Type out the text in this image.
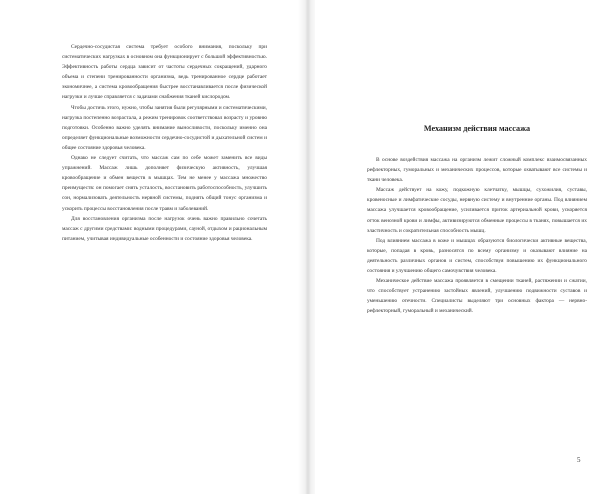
Сердечно-сосудистая система требует особого внимания, поскольку при систематических нагрузках в основном она функционирует с большой эффективностью. Эффективность работы сердца зависит от частоты сердечных сокращений, ударного объема и степени тренированности организма, ведь тренированное сердце работает экономичнее, а система кровообращения быстрее восстанавливается после физической нагрузки и лучше справляется с задачами снабжения тканей кислородом.

Чтобы достичь этого, нужно, чтобы занятия были регулярными и систематическими, нагрузка постепенно возрастала, а режим тренировок соответствовал возрасту и уровню подготовки. Особенно важно уделять внимание выносливости, поскольку именно она определяет функциональные возможности сердечно-сосудистой и дыхательной систем и общее состояние здоровья человека.

Однако не следует считать, что массаж сам по себе может заменить все виды упражнений. Массаж лишь дополняет физическую активность, улучшая кровообращение и обмен веществ в мышцах. Тем не менее у массажа множество преимуществ: он помогает снять усталость, восстановить работоспособность, улучшить сон, нормализовать деятельность нервной системы, поднять общий тонус организма и ускорить процессы восстановления после травм и заболеваний.

Для восстановления организма после нагрузок очень важно правильно сочетать массаж с другими средствами: водными процедурами, сауной, отдыхом и рациональным питанием, учитывая индивидуальные особенности и состояние здоровья человека.

Механизм действия массажа

В основе воздействия массажа на организм лежит сложный комплекс взаимосвязанных рефлекторных, гуморальных и механических процессов, которые охватывают все системы и ткани человека.

Массаж действует на кожу, подкожную клетчатку, мышцы, сухожилия, суставы, кровеносные и лимфатические сосуды, нервную систему и внутренние органы. Под влиянием массажа улучшается кровообращение, усиливается приток артериальной крови, ускоряется отток венозной крови и лимфы, активизируются обменные процессы в тканях, повышается их эластичность и сократительная способность мышц.

Под влиянием массажа в коже и мышцах образуются биологически активные вещества, которые, попадая в кровь, разносятся по всему организму и оказывают влияние на деятельность различных органов и систем, способствуя повышению их функционального состояния и улучшению общего самочувствия человека.

Механическое действие массажа проявляется в смещении тканей, растяжении и сжатии, что способствует устранению застойных явлений, улучшению подвижности суставов и уменьшению отечности. Специалисты выделяют три основных фактора — нервно-рефлекторный, гуморальный и механический.

5
